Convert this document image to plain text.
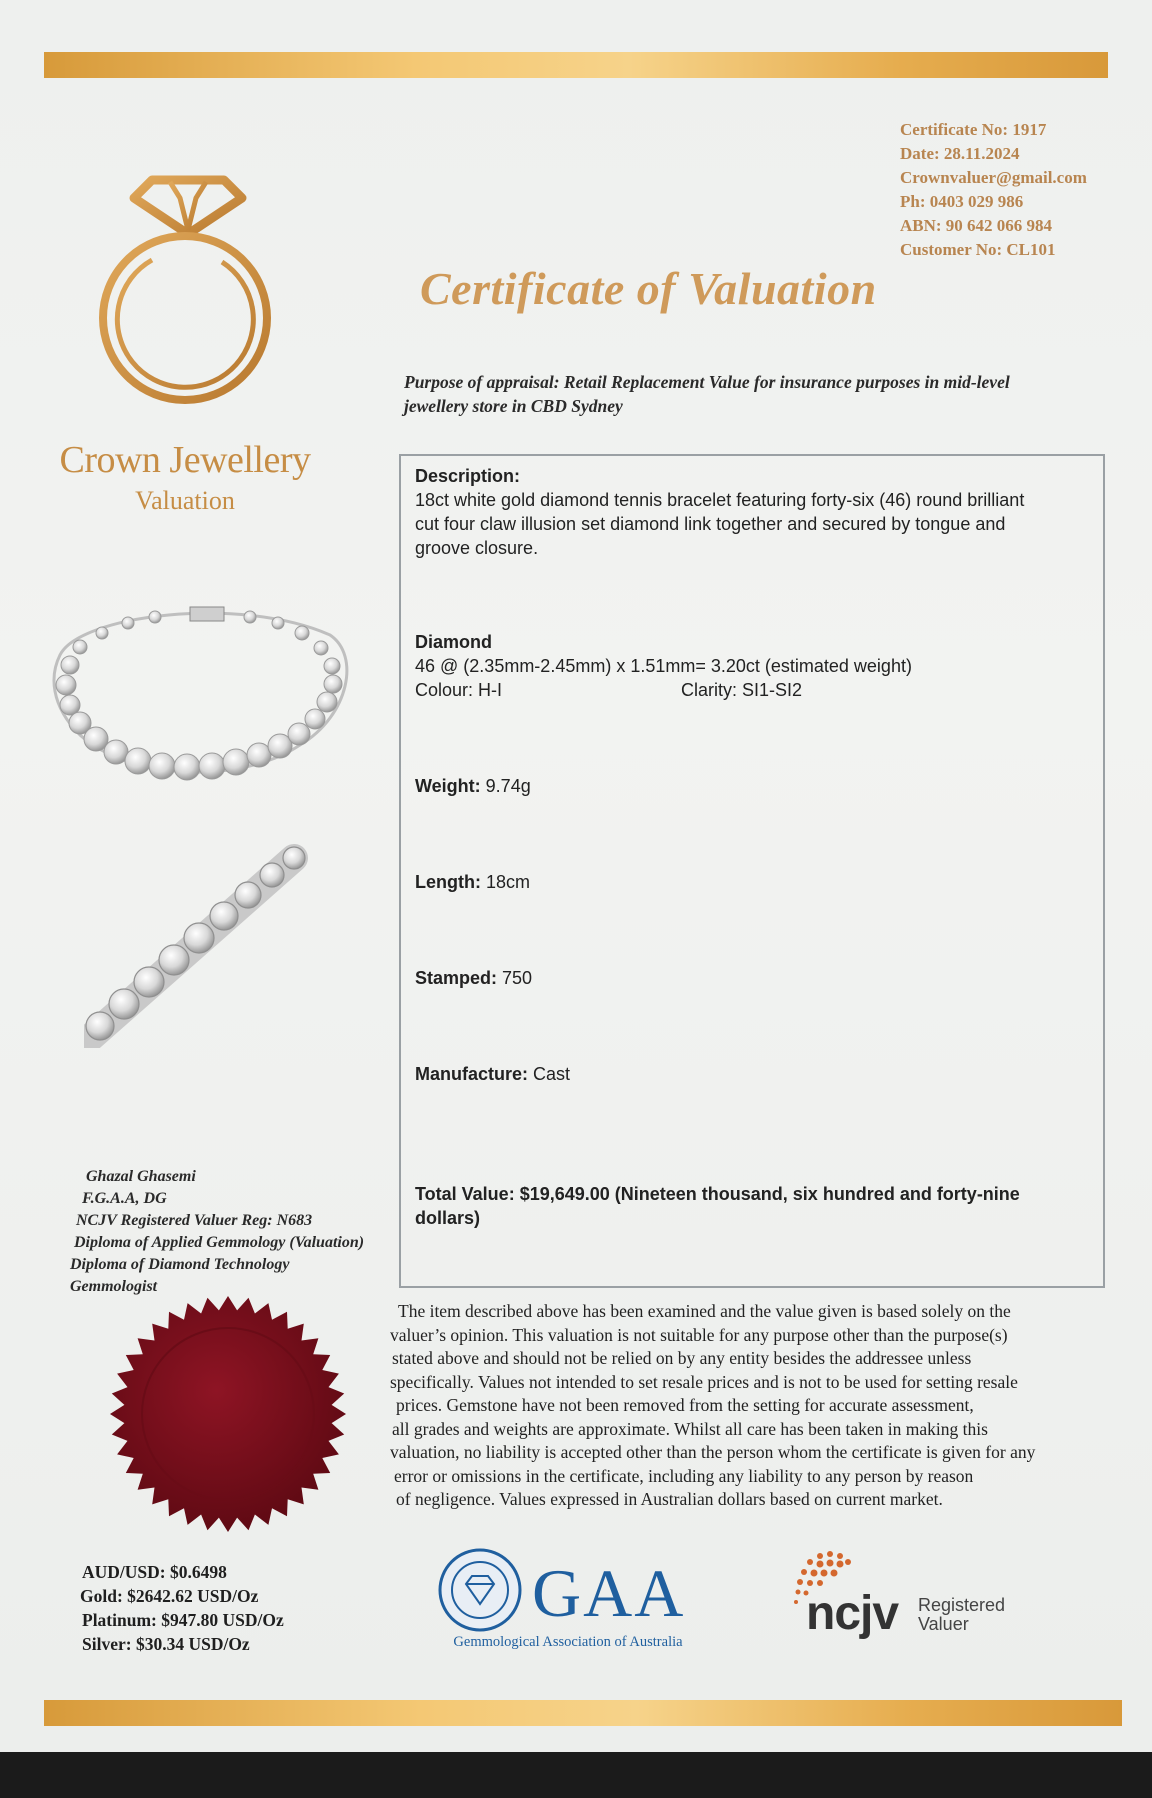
Certificate No: 1917
Date: 28.11.2024
Crownvaluer@gmail.com
Ph: 0403 029 986
ABN: 90 642 066 984
Customer No: CL101
Crown Jewellery
Valuation
Certificate of Valuation
Purpose of appraisal: Retail Replacement Value for insurance purposes in mid-level
jewellery store in CBD Sydney
Description:
18ct white gold diamond tennis bracelet featuring forty-six (46) round brilliant
cut four claw illusion set diamond link together and secured by tongue and
groove closure.
Diamond
46 @ (2.35mm-2.45mm) x 1.51mm= 3.20ct (estimated weight)
Colour: H-I	Clarity: SI1-SI2
Weight: 9.74g
Length: 18cm
Stamped: 750
Manufacture: Cast
Total Value: $19,649.00 (Nineteen thousand, six hundred and forty-nine
dollars)
Ghazal Ghasemi
F.G.A.A, DG
NCJV Registered Valuer Reg: N683
Diploma of Applied Gemmology (Valuation)
Diploma of Diamond Technology
Gemmologist
The item described above has been examined and the value given is based solely on the
valuer’s opinion. This valuation is not suitable for any purpose other than the purpose(s)
stated above and should not be relied on by any entity besides the addressee unless
specifically. Values not intended to set resale prices and is not to be used for setting resale
prices. Gemstone have not been removed from the setting for accurate assessment,
all grades and weights are approximate. Whilst all care has been taken in making this
valuation, no liability is accepted other than the person whom the certificate is given for any
error or omissions in the certificate, including any liability to any person by reason
of negligence. Values expressed in Australian dollars based on current market.
AUD/USD: $0.6498
Gold: $2642.62 USD/Oz
Platinum: $947.80 USD/Oz
Silver: $30.34 USD/Oz
GAA
Gemmological Association of Australia
ncjv Registered
Valuer
